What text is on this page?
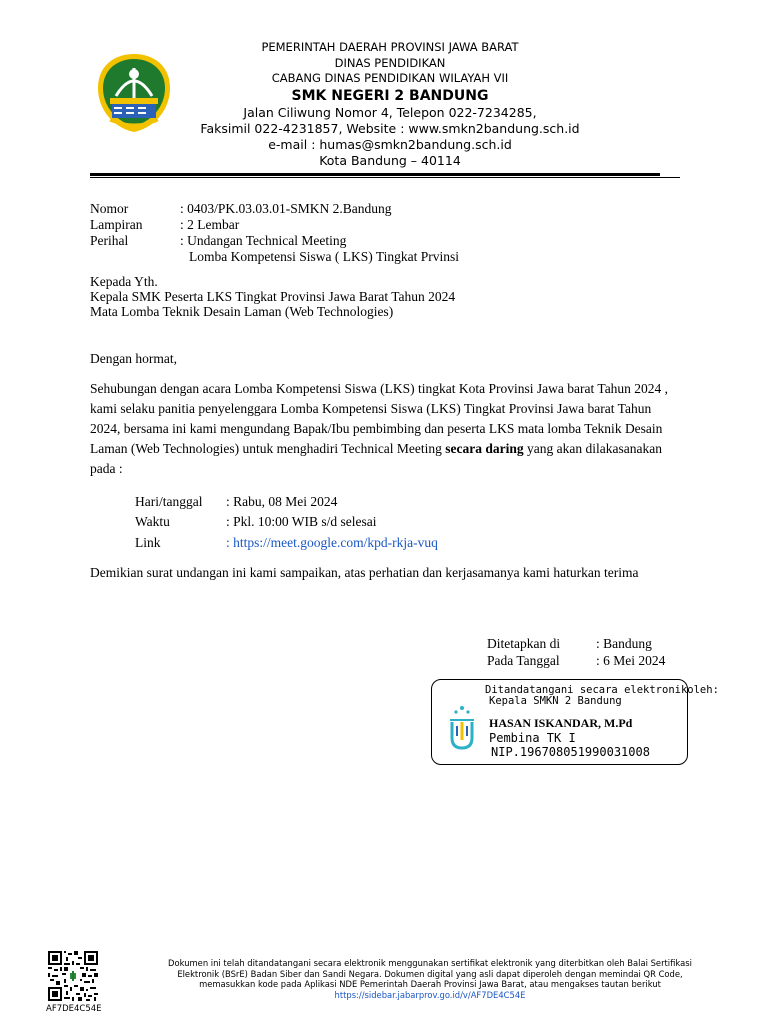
PEMERINTAH DAERAH PROVINSI JAWA BARAT
DINAS PENDIDIKAN
CABANG DINAS PENDIDIKAN WILAYAH VII
SMK NEGERI 2 BANDUNG
Jalan Ciliwung Nomor 4, Telepon 022-7234285,
Faksimil 022-4231857, Website : www.smkn2bandung.sch.id
e-mail : humas@smkn2bandung.sch.id
Kota Bandung – 40114
Nomor	: 0403/PK.03.03.01-SMKN 2.Bandung
Lampiran	: 2 Lembar
Perihal	: Undangan Technical Meeting
Lomba Kompetensi Siswa ( LKS) Tingkat Prvinsi
Kepada Yth.
Kepala SMK Peserta LKS Tingkat Provinsi Jawa Barat Tahun 2024
Mata Lomba Teknik Desain Laman (Web Technologies)
Dengan hormat,
Sehubungan dengan acara Lomba Kompetensi Siswa (LKS) tingkat Kota Provinsi Jawa barat Tahun 2024 , kami selaku panitia penyelenggara Lomba Kompetensi Siswa (LKS) Tingkat Provinsi Jawa barat Tahun 2024, bersama ini kami mengundang Bapak/Ibu pembimbing dan peserta LKS mata lomba Teknik Desain Laman (Web Technologies) untuk menghadiri Technical Meeting secara daring yang akan dilakasanakan pada :
Hari/tanggal : Rabu, 08 Mei 2024
Waktu	: Pkl. 10:00 WIB s/d selesai
Link	: https://meet.google.com/kpd-rkja-vuq
Demikian surat undangan ini kami sampaikan, atas perhatian dan kerjasamanya kami haturkan terima
Ditetapkan di	: Bandung
Pada Tanggal	: 6 Mei 2024
Ditandatangani secara elektronikoleh:
Kepala SMKN 2 Bandung
HASAN ISKANDAR, M.Pd
Pembina TK I
NIP.196708051990031008
AF7DE4C54E
Dokumen ini telah ditandatangani secara elektronik menggunakan sertifikat elektronik yang diterbitkan oleh Balai Sertifikasi
Elektronik (BSrE) Badan Siber dan Sandi Negara. Dokumen digital yang asli dapat diperoleh dengan memindai QR Code,
memasukkan kode pada Aplikasi NDE Pemerintah Daerah Provinsi Jawa Barat, atau mengakses tautan berikut
https://sidebar.jabarprov.go.id/v/AF7DE4C54E
